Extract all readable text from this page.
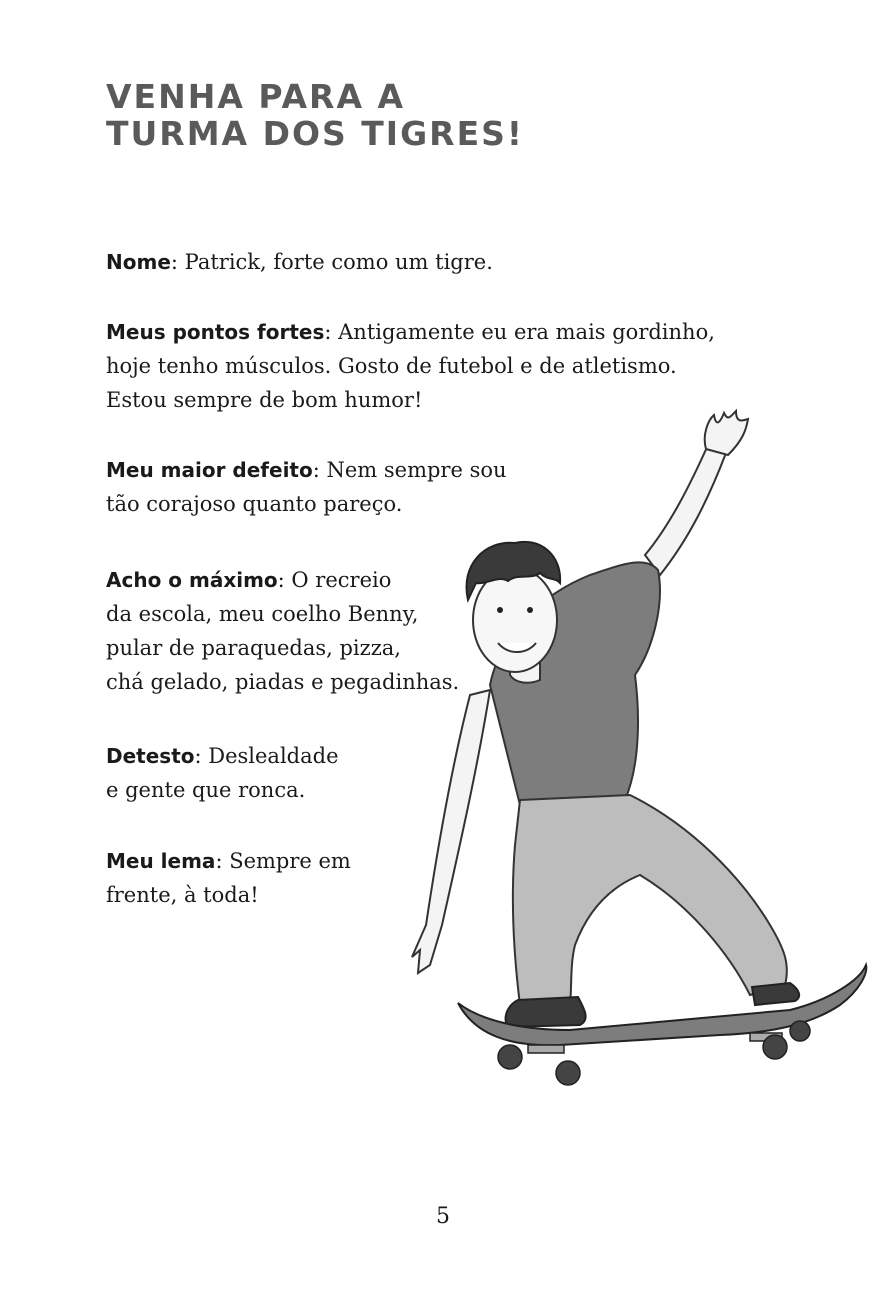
VENHA PARA A
TURMA DOS TIGRES!

Nome: Patrick, forte como um tigre.

Meus pontos fortes: Antigamente eu era mais gordinho,
hoje tenho músculos. Gosto de futebol e de atletismo.
Estou sempre de bom humor!

Meu maior defeito: Nem sempre sou
tão corajoso quanto pareço.

Acho o máximo: O recreio
da escola, meu coelho Benny,
pular de paraquedas, pizza,
chá gelado, piadas e pegadinhas.

Detesto: Deslealdade
e gente que ronca.

Meu lema: Sempre em
frente, à toda!

5
